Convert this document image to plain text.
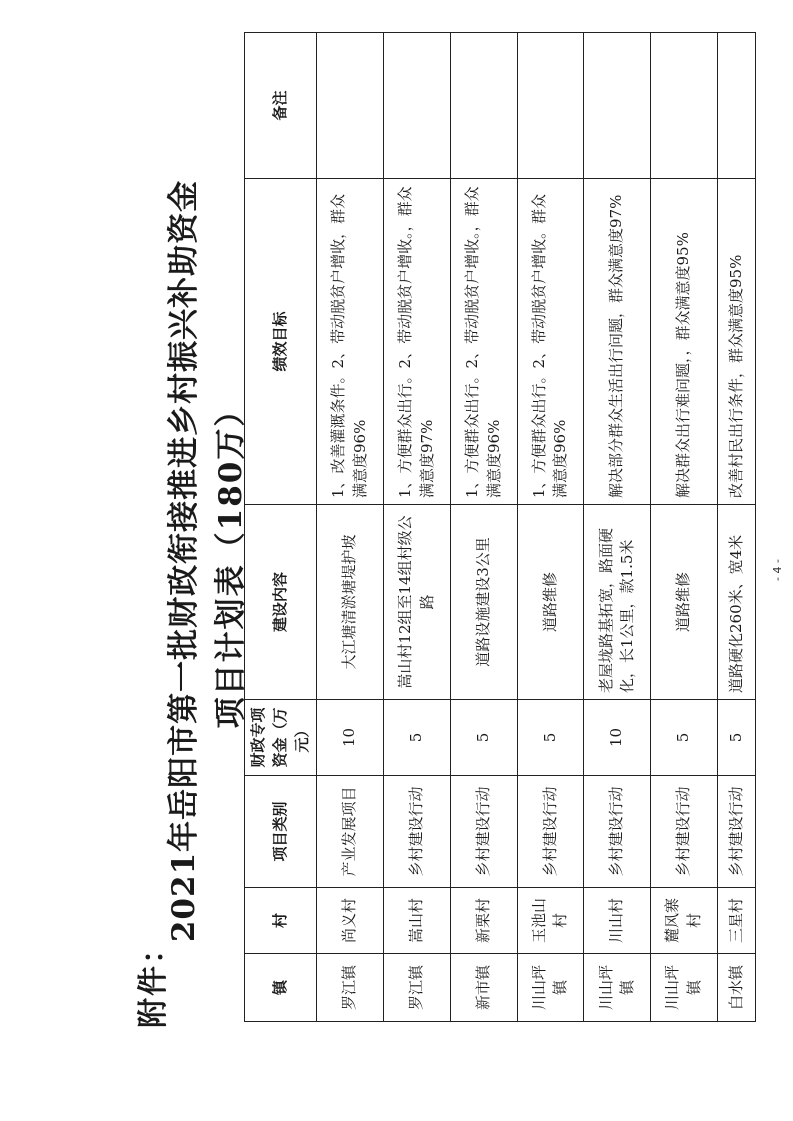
附件：

2021年岳阳市第一批财政衔接推进乡村振兴补助资金 项目计划表（180万）
镇	村	项目类别	财政专项资金（万元）	建设内容	绩效目标	备注
罗江镇	尚义村	产业发展项目	10	大江塘清淤塘堤护坡	1、改善灌溉条件。2、带动脱贫户增收，群众满意度96%	
罗江镇	嵩山村	乡村建设行动	5	嵩山村12组至14组村级公路	1、方便群众出行。2、带动脱贫户增收。，群众满意度97%	
新市镇	新栗村	乡村建设行动	5	道路设施建设3公里	1、方便群众出行。2、带动脱贫户增收。，群众满意度96%	
川山坪镇	玉池山村	乡村建设行动	5	道路维修	1、方便群众出行。2、带动脱贫户增收。群众满意度96%	
川山坪镇	川山村	乡村建设行动	10	老屋垅路基拓宽，路面硬化，长1公里，款1.5米	解决部分群众生活出行问题，群众满意度97%	
川山坪镇	麓风寨村	乡村建设行动	5	道路维修	解决群众出行难问题，，群众满意度95%	
白水镇	三星村	乡村建设行动	5	道路硬化260米、宽4米	改善村民出行条件，群众满意度95%	

- 4 -
